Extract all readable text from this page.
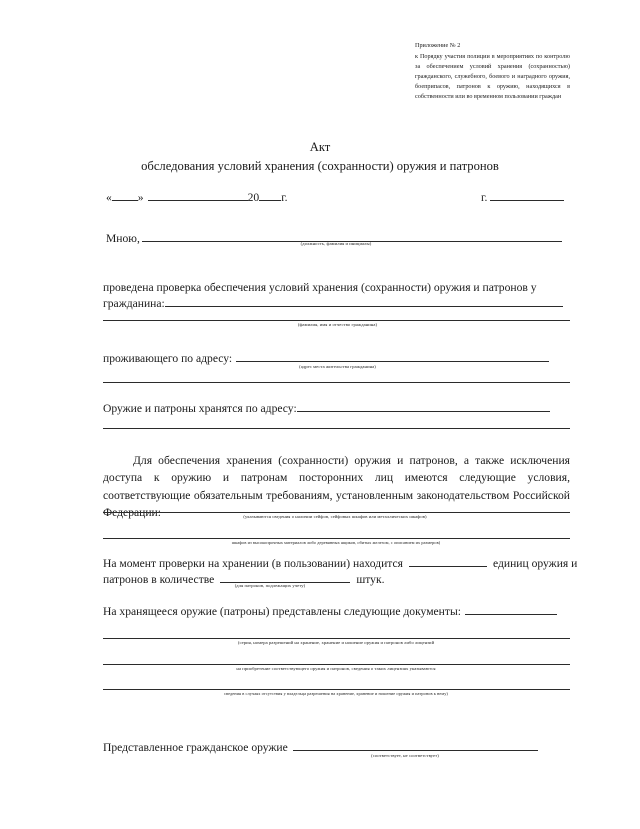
Приложение № 2
к Порядку участия полиции в мероприятиях по контролю за обеспечением условий хранения (сохранностью) гражданского, служебного, боевого и наградного оружия, боеприпасов, патронов к оружию, находящихся в собственности или во временном пользовании граждан
Акт
обследования условий хранения (сохранности) оружия и патронов
« »	20 г.	г.
Мною,	(должность, фамилия и инициалы)
проведена проверка обеспечения условий хранения (сохранности) оружия и патронов у
гражданина:
(фамилия, имя и отчество гражданина)
проживающего по адресу:
(адрес места жительства гражданина)
Оружие и патроны хранятся по адресу:
Для обеспечения хранения (сохранности) оружия и патронов, а также исключения доступа к оружию и патронам посторонних лиц имеются следующие условия, соответствующие обязательным требованиям, установленным законодательством Российской Федерации:	(указываются сведения о наличии сейфов, сейфовых шкафов или металлических шкафов)
шкафов из высокопрочных материалов либо деревянных ящиков, обитых железом, с описанием их размеров)
На момент проверки на хранении (в пользовании) находится	единиц оружия и
патронов в количестве	штук.
(для патронов, подлежащих учету)
На хранящееся оружие (патроны) представлены следующие документы:
(серия, номера разрешений на хранение, хранение и ношение оружия и патронов либо лицензий
на приобретение соответствующего оружия и патронов, сведения о таких лицензиях указываются
сведения в случаях отсутствия у владельца разрешения на хранение, хранение и ношение оружия и патронов к нему)
Представленное гражданское оружие
(соответствует, не соответствует)
